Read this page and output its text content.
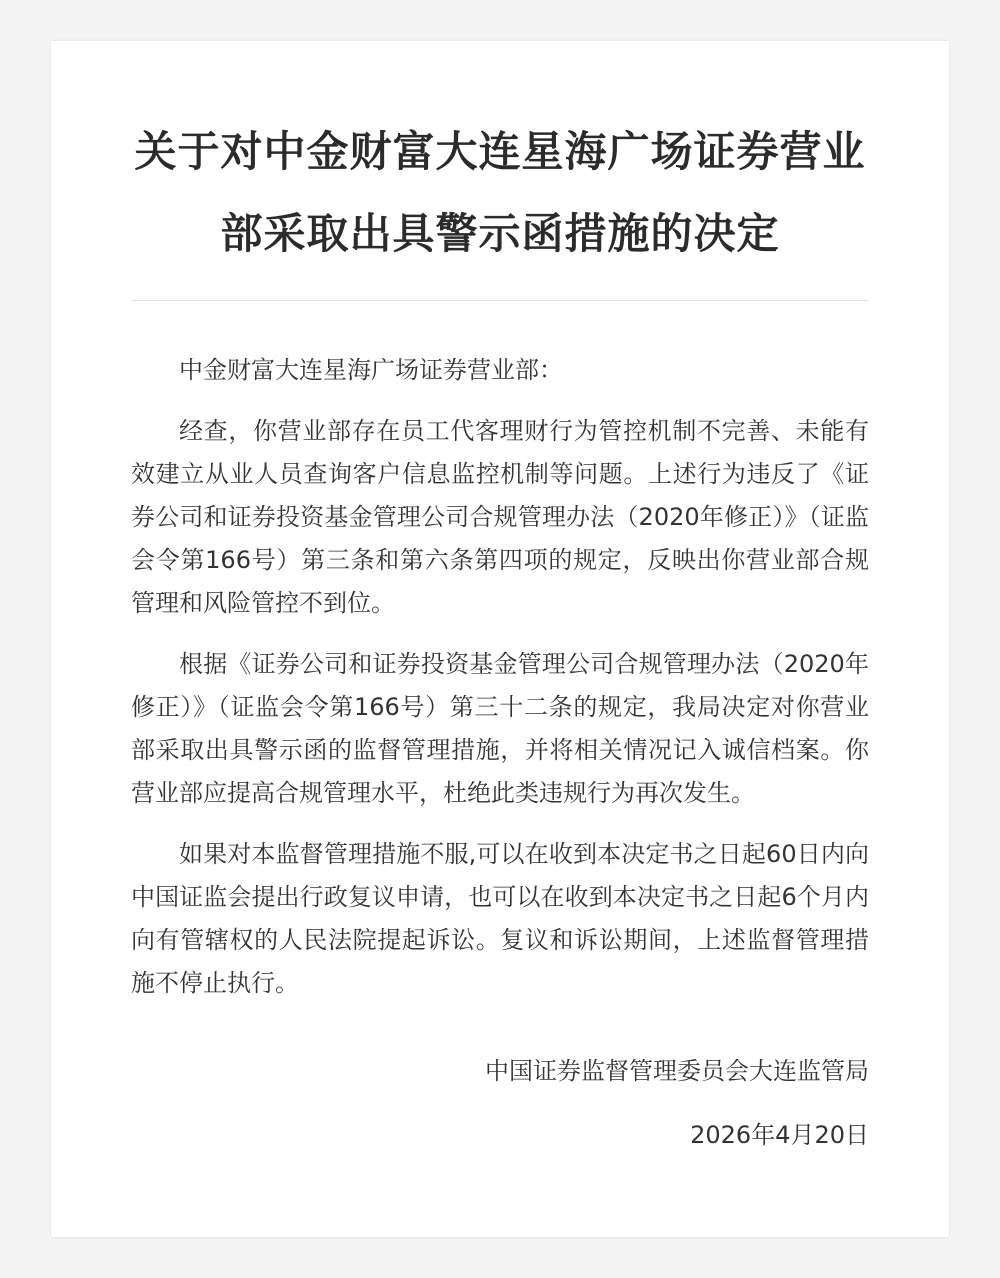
关于对中金财富大连星海广场证券营业部采取出具警示函措施的决定

中金财富大连星海广场证券营业部：

经查，你营业部存在员工代客理财行为管控机制不完善、未能有效建立从业人员查询客户信息监控机制等问题。上述行为违反了《证券公司和证券投资基金管理公司合规管理办法（2020年修正）》（证监会令第166号）第三条和第六条第四项的规定，反映出你营业部合规管理和风险管控不到位。

根据《证券公司和证券投资基金管理公司合规管理办法（2020年修正）》（证监会令第166号）第三十二条的规定，我局决定对你营业部采取出具警示函的监督管理措施，并将相关情况记入诚信档案。你营业部应提高合规管理水平，杜绝此类违规行为再次发生。

如果对本监督管理措施不服,可以在收到本决定书之日起60日内向中国证监会提出行政复议申请，也可以在收到本决定书之日起6个月内向有管辖权的人民法院提起诉讼。复议和诉讼期间，上述监督管理措施不停止执行。

中国证券监督管理委员会大连监管局

2026年4月20日
